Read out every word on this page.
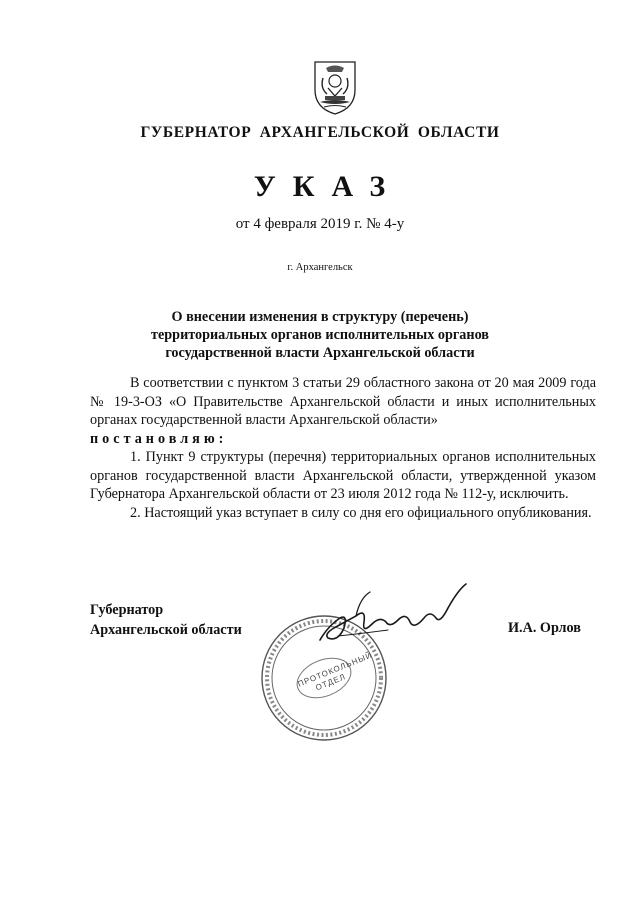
ГУБЕРНАТОР АРХАНГЕЛЬСКОЙ ОБЛАСТИ
УКАЗ
от 4 февраля 2019 г. № 4-у
г. Архангельск
О внесении изменения в структуру (перечень)
территориальных органов исполнительных органов
государственной власти Архангельской области

В соответствии с пунктом 3 статьи 29 областного закона от 20 мая 2009 года № 19-3-ОЗ «О Правительстве Архангельской области и иных исполнительных органах государственной власти Архангельской области»

постановляю:

1. Пункт 9 структуры (перечня) территориальных органов исполнительных органов государственной власти Архангельской области, утвержденной указом Губернатора Архангельской области от 23 июля 2012 года № 112-у, исключить.

2. Настоящий указ вступает в силу со дня его официального опубликования.

Губернатор
Архангельской области
ПРОТОКОЛЬНЫЙ ОТДЕЛ
И.А. Орлов
